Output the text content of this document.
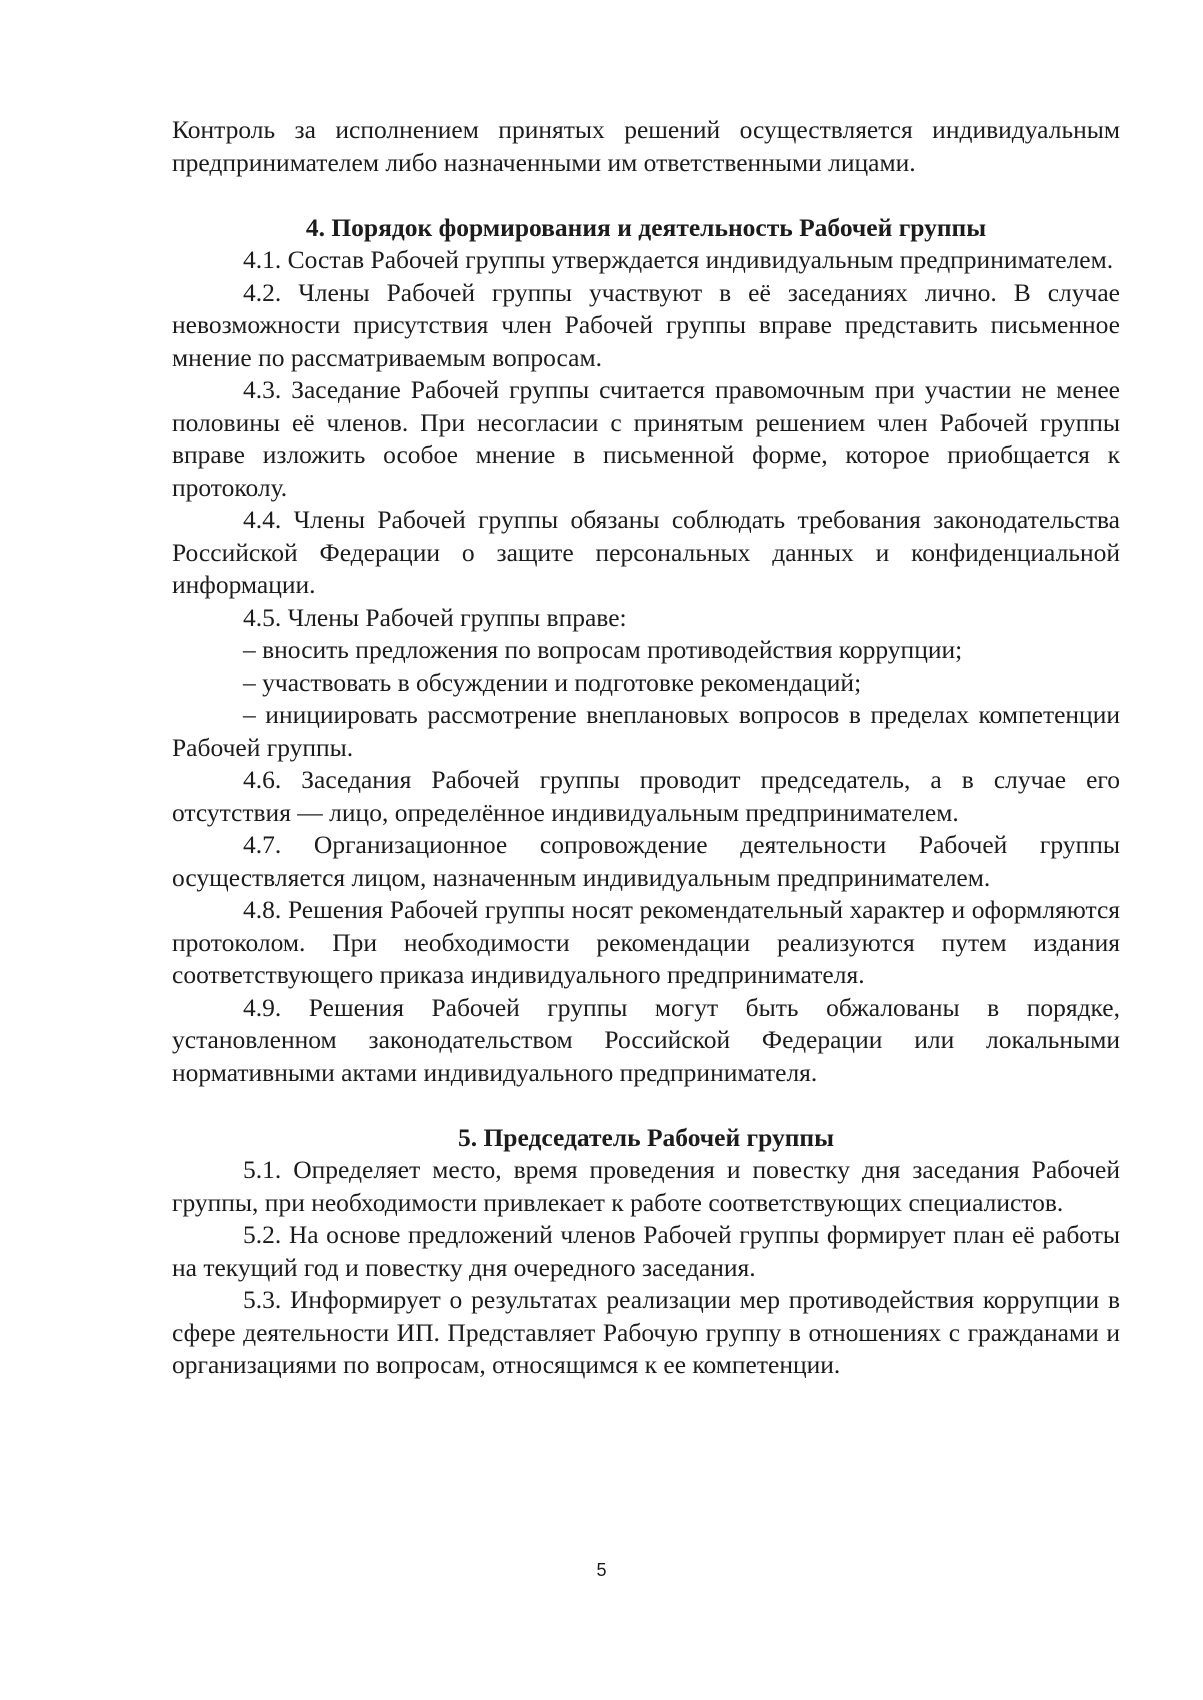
Контроль за исполнением принятых решений осуществляется индивидуальным предпринимателем либо назначенными им ответственными лицами.

4. Порядок формирования и деятельность Рабочей группы

4.1. Состав Рабочей группы утверждается индивидуальным предпринимателем.

4.2. Члены Рабочей группы участвуют в её заседаниях лично. В случае невозможности присутствия член Рабочей группы вправе представить письменное мнение по рассматриваемым вопросам.

4.3. Заседание Рабочей группы считается правомочным при участии не менее половины её членов. При несогласии с принятым решением член Рабочей группы вправе изложить особое мнение в письменной форме, которое приобщается к протоколу.

4.4. Члены Рабочей группы обязаны соблюдать требования законодательства Российской Федерации о защите персональных данных и конфиденциальной информации.

4.5. Члены Рабочей группы вправе:

– вносить предложения по вопросам противодействия коррупции;

– участвовать в обсуждении и подготовке рекомендаций;

– инициировать рассмотрение внеплановых вопросов в пределах компетенции Рабочей группы.

4.6. Заседания Рабочей группы проводит председатель, а в случае его отсутствия — лицо, определённое индивидуальным предпринимателем.

4.7. Организационное сопровождение деятельности Рабочей группы осуществляется лицом, назначенным индивидуальным предпринимателем.

4.8. Решения Рабочей группы носят рекомендательный характер и оформляются протоколом. При необходимости рекомендации реализуются путем издания соответствующего приказа индивидуального предпринимателя.

4.9. Решения Рабочей группы могут быть обжалованы в порядке, установленном законодательством Российской Федерации или локальными нормативными актами индивидуального предпринимателя.

5. Председатель Рабочей группы

5.1. Определяет место, время проведения и повестку дня заседания Рабочей группы, при необходимости привлекает к работе соответствующих специалистов.

5.2. На основе предложений членов Рабочей группы формирует план её работы на текущий год и повестку дня очередного заседания.

5.3. Информирует о результатах реализации мер противодействия коррупции в сфере деятельности ИП. Представляет Рабочую группу в отношениях с гражданами и организациями по вопросам, относящимся к ее компетенции.

5
